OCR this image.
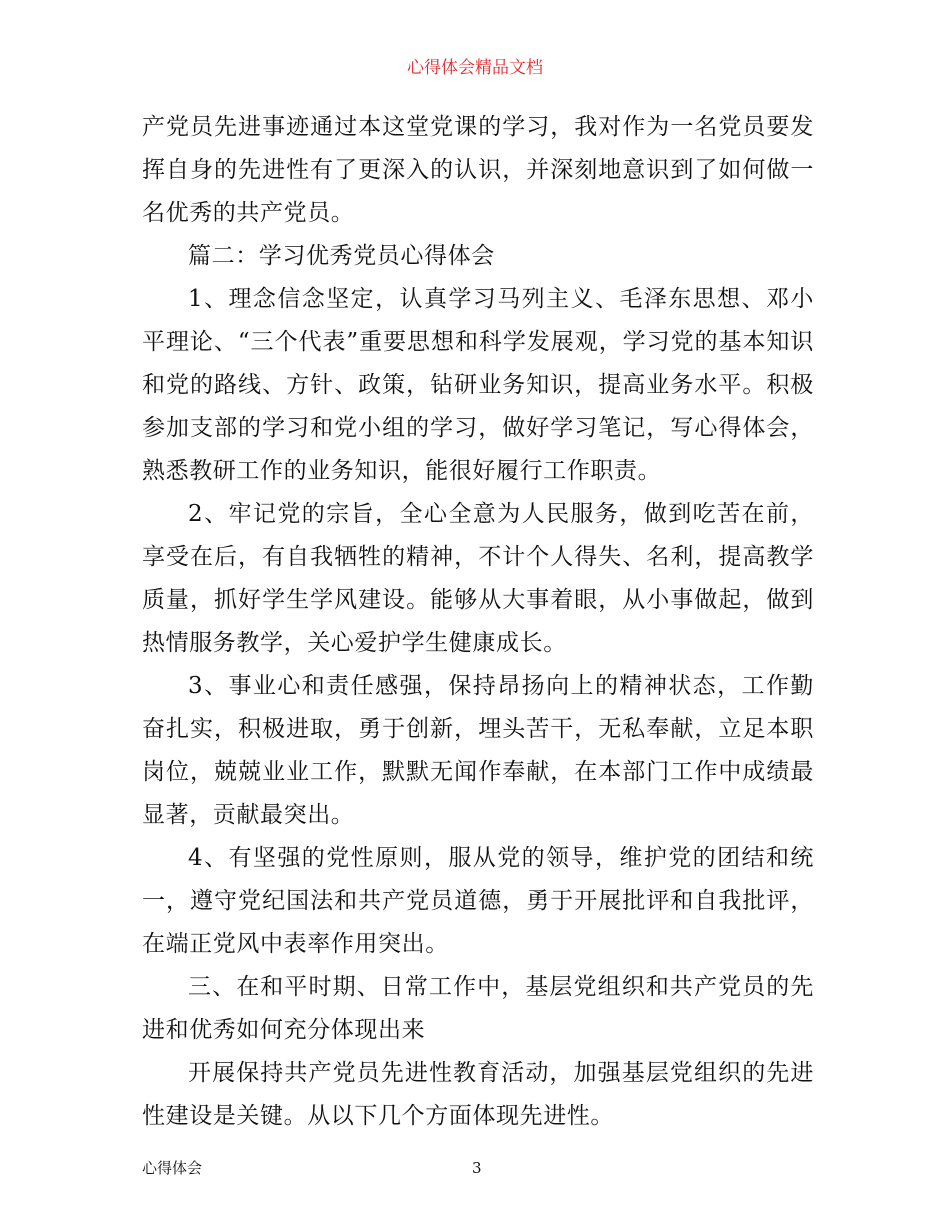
心得体会精品文档

产党员先进事迹通过本这堂党课的学习，我对作为一名党员要发挥自身的先进性有了更深入的认识，并深刻地意识到了如何做一名优秀的共产党员。

篇二：学习优秀党员心得体会

1、理念信念坚定，认真学习马列主义、毛泽东思想、邓小平理论、“三个代表”重要思想和科学发展观，学习党的基本知识和党的路线、方针、政策，钻研业务知识，提高业务水平。积极参加支部的学习和党小组的学习，做好学习笔记，写心得体会，熟悉教研工作的业务知识，能很好履行工作职责。

2、牢记党的宗旨，全心全意为人民服务，做到吃苦在前，享受在后，有自我牺牲的精神，不计个人得失、名利，提高教学质量，抓好学生学风建设。能够从大事着眼，从小事做起，做到热情服务教学，关心爱护学生健康成长。

3、事业心和责任感强，保持昂扬向上的精神状态，工作勤奋扎实，积极进取，勇于创新，埋头苦干，无私奉献，立足本职岗位，兢兢业业工作，默默无闻作奉献，在本部门工作中成绩最显著，贡献最突出。

4、有坚强的党性原则，服从党的领导，维护党的团结和统一，遵守党纪国法和共产党员道德，勇于开展批评和自我批评，在端正党风中表率作用突出。

三、在和平时期、日常工作中，基层党组织和共产党员的先进和优秀如何充分体现出来

开展保持共产党员先进性教育活动，加强基层党组织的先进性建设是关键。从以下几个方面体现先进性。

心得体会	3
